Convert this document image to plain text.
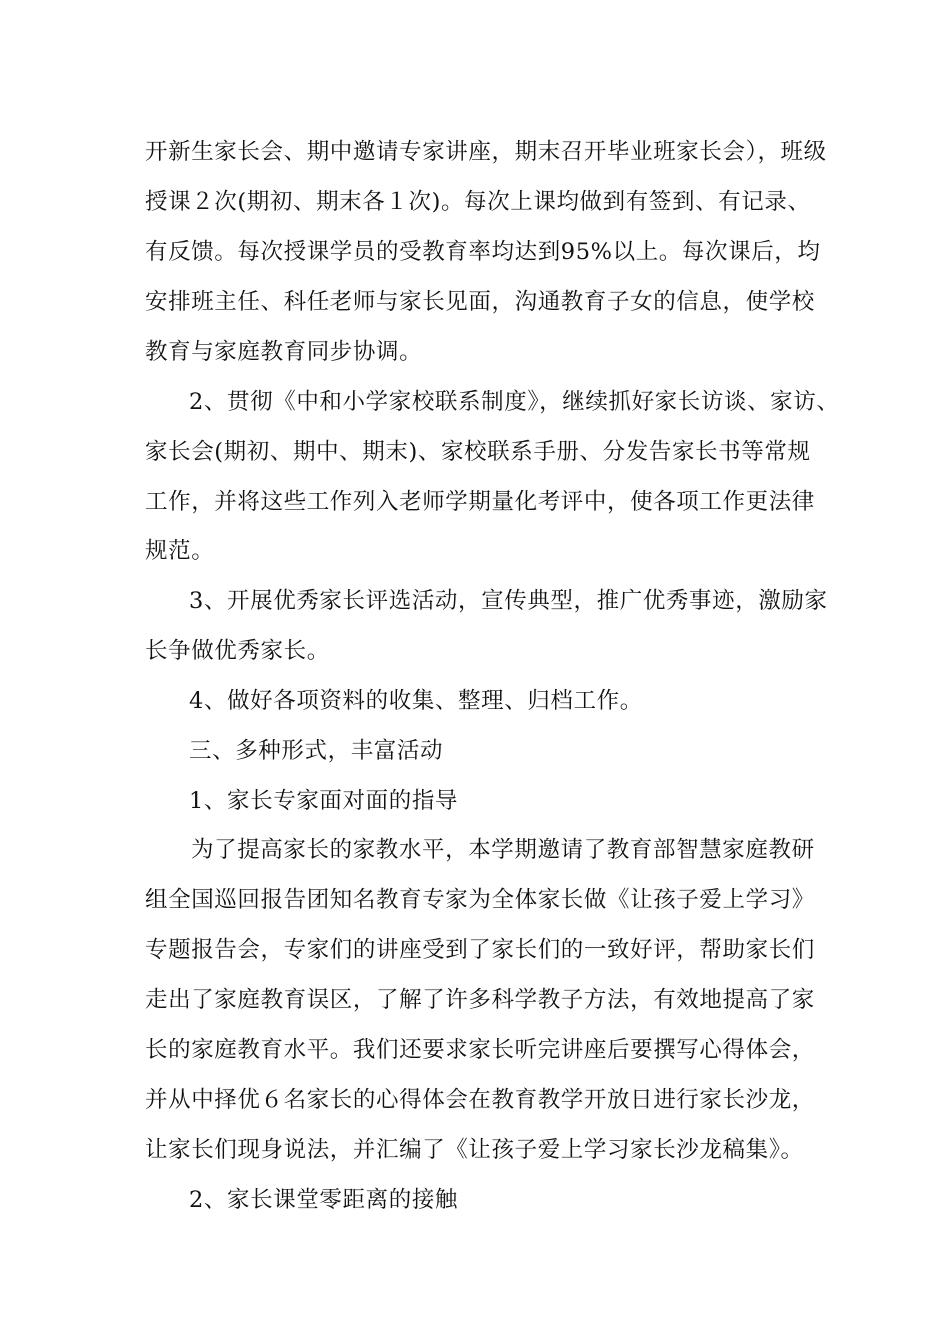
开新生家长会、期中邀请专家讲座，期末召开毕业班家长会），班级
授课２次(期初、期末各１次)。每次上课均做到有签到、有记录、
有反馈。每次授课学员的受教育率均达到95%以上。每次课后，均
安排班主任、科任老师与家长见面，沟通教育子女的信息，使学校
教育与家庭教育同步协调。
2、贯彻《中和小学家校联系制度》，继续抓好家长访谈、家访、
家长会(期初、期中、期末)、家校联系手册、分发告家长书等常规
工作，并将这些工作列入老师学期量化考评中，使各项工作更法律
规范。
3、开展优秀家长评选活动，宣传典型，推广优秀事迹，激励家
长争做优秀家长。
4、做好各项资料的收集、整理、归档工作。
三、多种形式，丰富活动
1、家长专家面对面的指导
为了提高家长的家教水平，本学期邀请了教育部智慧家庭教研
组全国巡回报告团知名教育专家为全体家长做《让孩子爱上学习》
专题报告会，专家们的讲座受到了家长们的一致好评，帮助家长们
走出了家庭教育误区，了解了许多科学教子方法，有效地提高了家
长的家庭教育水平。我们还要求家长听完讲座后要撰写心得体会，
并从中择优６名家长的心得体会在教育教学开放日进行家长沙龙，
让家长们现身说法，并汇编了《让孩子爱上学习家长沙龙稿集》。
2、家长课堂零距离的接触
